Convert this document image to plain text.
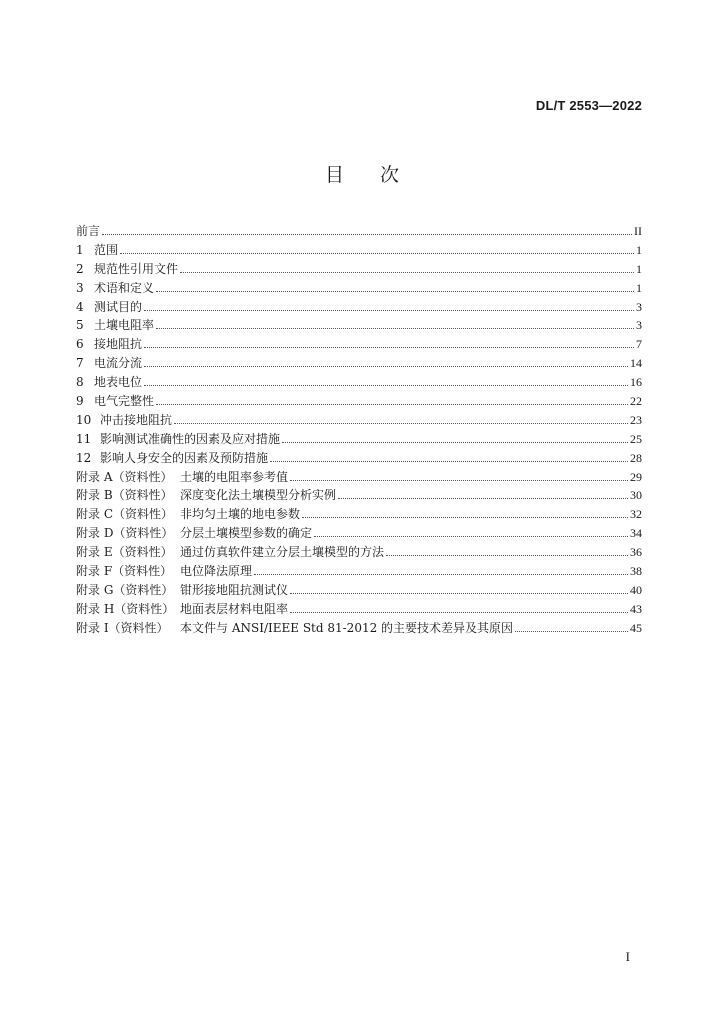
DL/T 2553—2022
目次
前言	II
1 范围	1
2 规范性引用文件	1
3 术语和定义	1
4 测试目的	3
5 土壤电阻率	3
6 接地阻抗	7
7 电流分流	14
8 地表电位	16
9 电气完整性	22
10 冲击接地阻抗	23
11 影响测试准确性的因素及应对措施	25
12 影响人身安全的因素及预防措施	28
附录 A（资料性） 土壤的电阻率参考值	29
附录 B（资料性） 深度变化法土壤模型分析实例	30
附录 C（资料性） 非均匀土壤的地电参数	32
附录 D（资料性） 分层土壤模型参数的确定	34
附录 E（资料性） 通过仿真软件建立分层土壤模型的方法	36
附录 F（资料性） 电位降法原理	38
附录 G（资料性） 钳形接地阻抗测试仪	40
附录 H（资料性） 地面表层材料电阻率	43
附录 I（资料性） 本文件与 ANSI/IEEE Std 81-2012 的主要技术差异及其原因	45
I
